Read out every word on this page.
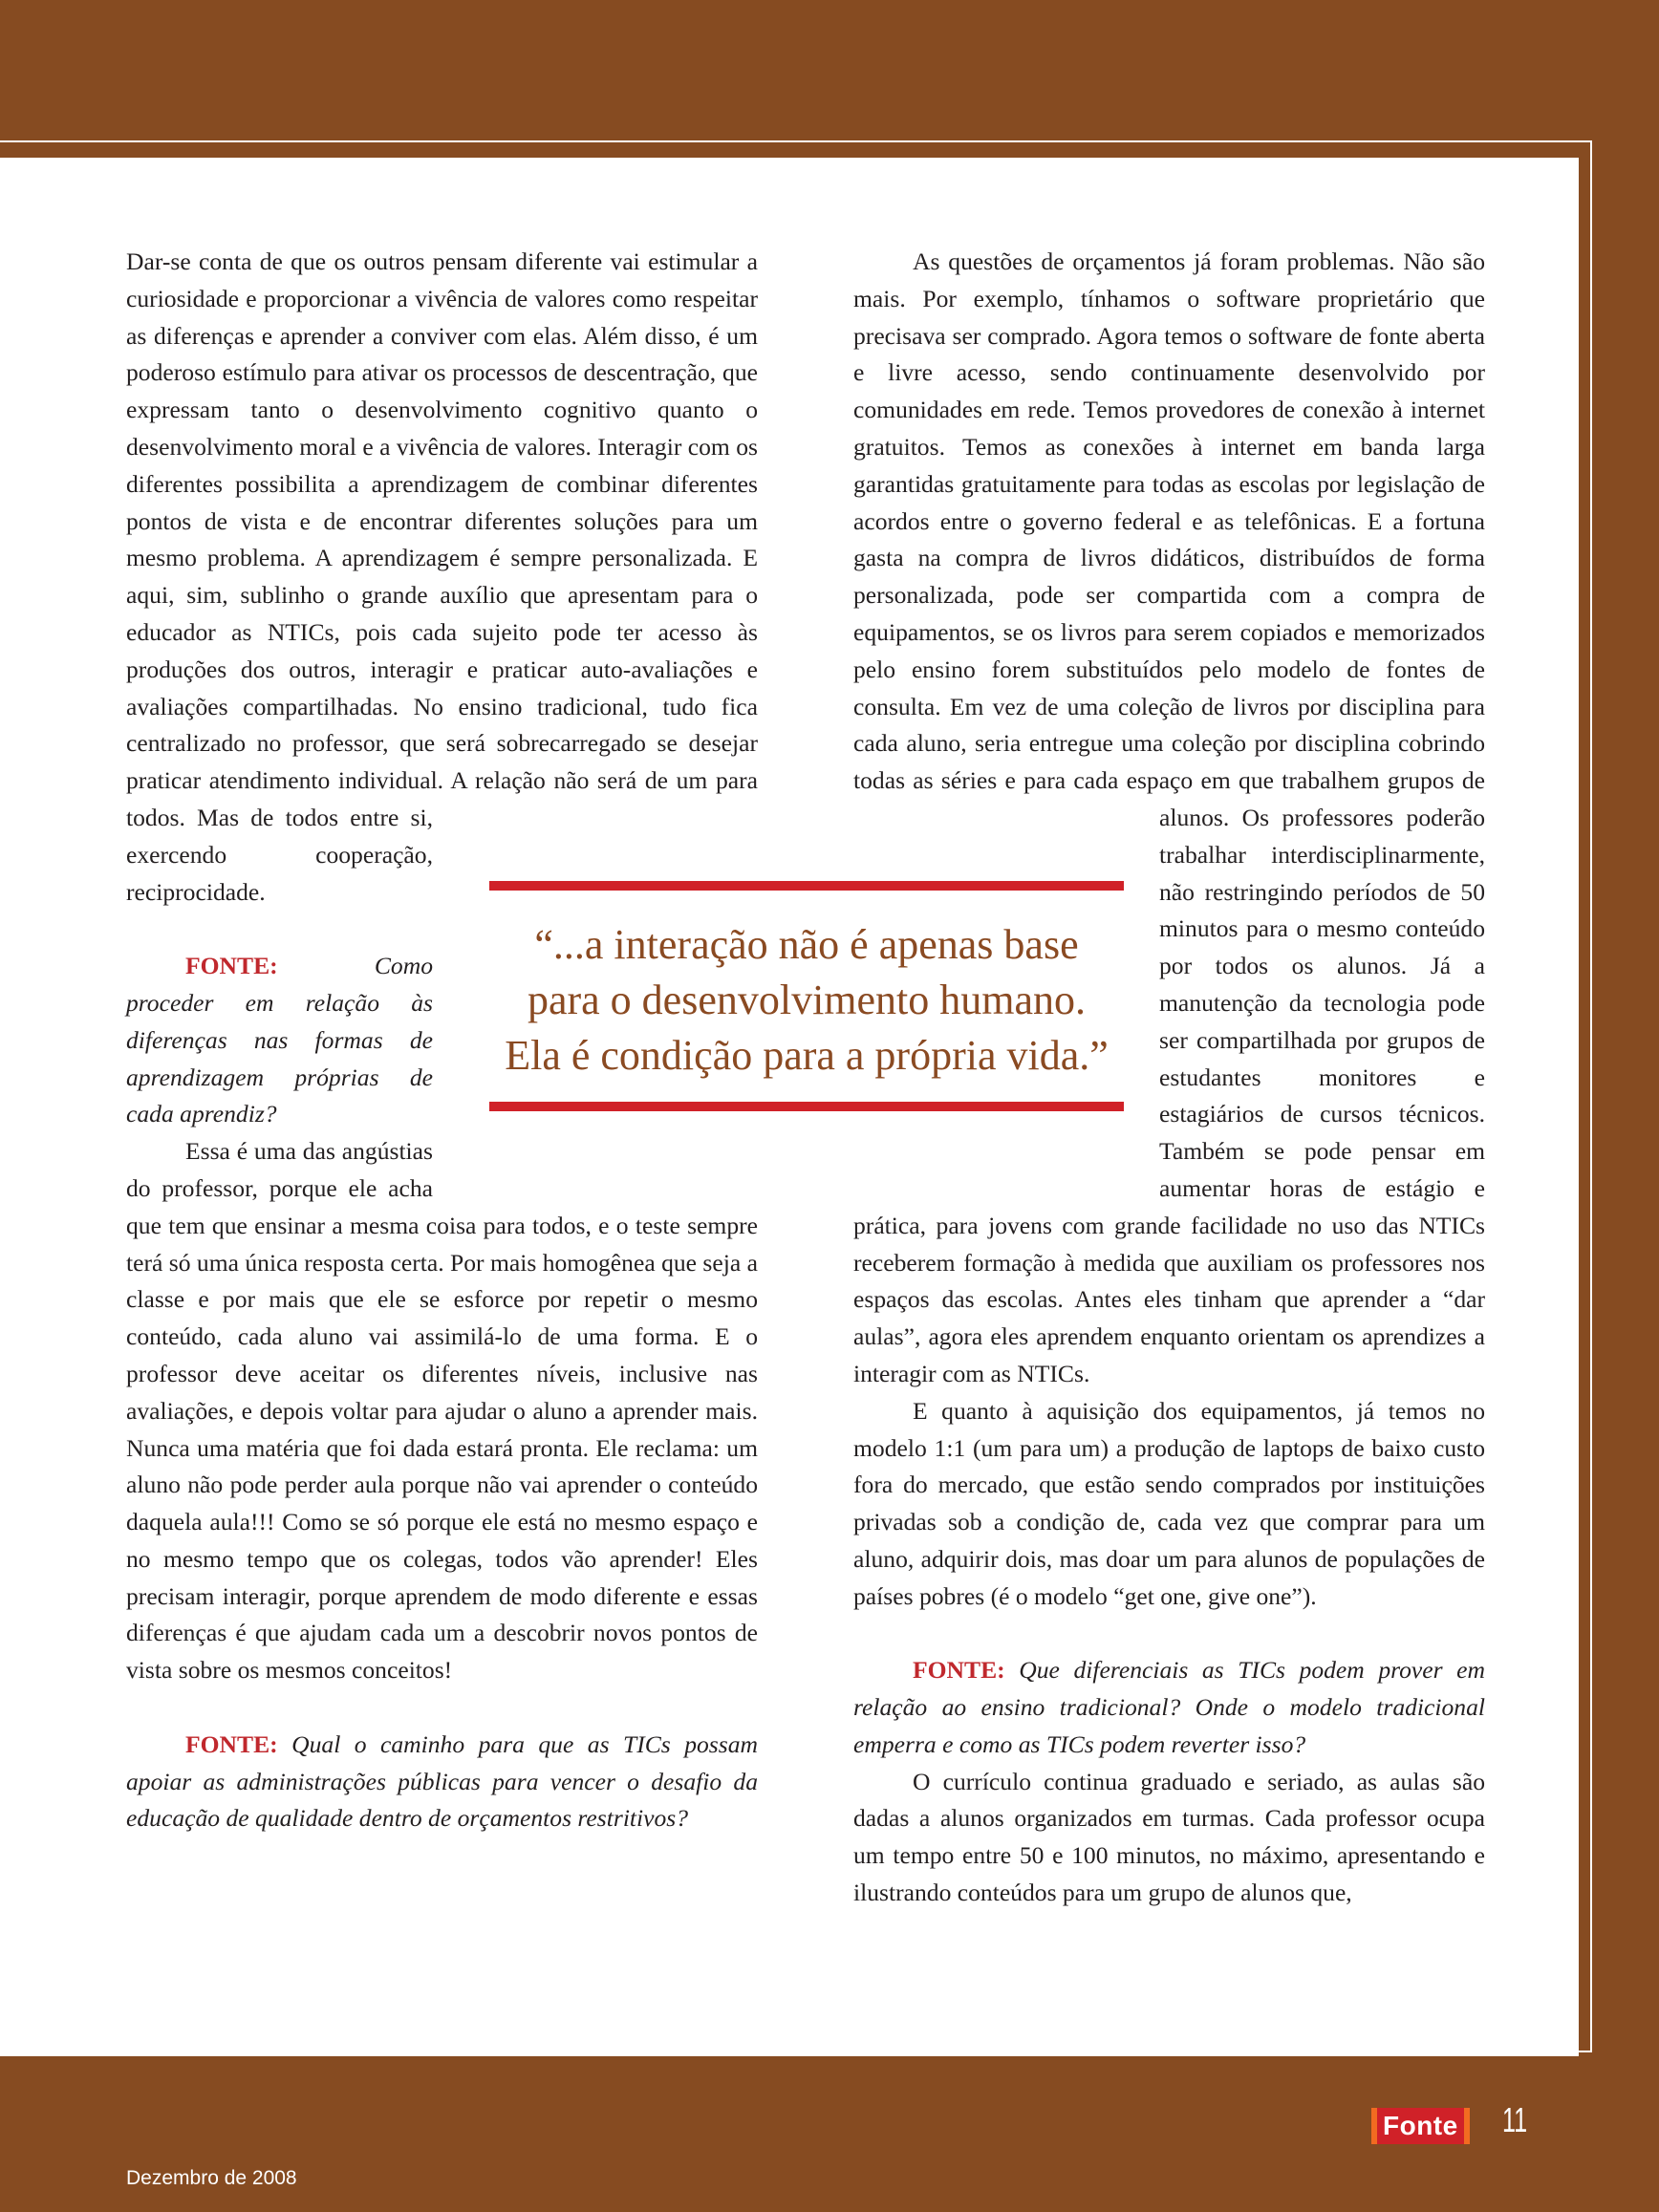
Dar-se conta de que os outros pensam diferente vai estimular a curiosidade e proporcionar a vivência de valores como respeitar as diferenças e aprender a conviver com elas. Além disso, é um poderoso estímulo para ativar os processos de descentração, que expressam tanto o desenvolvimento cognitivo quanto o desenvolvimento moral e a vivência de valores. Interagir com os diferentes possibilita a aprendizagem de combinar diferentes pontos de vista e de encontrar diferentes soluções para um mesmo problema. A aprendizagem é sempre personalizada. E aqui, sim, sublinho o grande auxílio que apresentam para o educador as NTICs, pois cada sujeito pode ter acesso às produções dos outros, interagir e praticar auto-avaliações e avaliações compartilhadas. No ensino tradicional, tudo fica centralizado no professor, que será sobrecarregado se desejar praticar atendimento individual. A relação não será de um para todos. Mas de todos entre si, exercendo cooperação, reciprocidade.

FONTE: Como proceder em relação às diferenças nas formas de aprendizagem próprias de cada aprendiz?

Essa é uma das angústias do professor, porque ele acha que tem que ensinar a mesma coisa para todos, e o teste sempre terá só uma única resposta certa. Por mais homogênea que seja a classe e por mais que ele se esforce por repetir o mesmo conteúdo, cada aluno vai assimilá-lo de uma forma. E o professor deve aceitar os diferentes níveis, inclusive nas avaliações, e depois voltar para ajudar o aluno a aprender mais. Nunca uma matéria que foi dada estará pronta. Ele reclama: um aluno não pode perder aula porque não vai aprender o conteúdo daquela aula!!! Como se só porque ele está no mesmo espaço e no mesmo tempo que os colegas, todos vão aprender! Eles precisam interagir, porque aprendem de modo diferente e essas diferenças é que ajudam cada um a descobrir novos pontos de vista sobre os mesmos conceitos!

FONTE: Qual o caminho para que as TICs possam apoiar as administrações públicas para vencer o desafio da educação de qualidade dentro de orçamentos restritivos?

As questões de orçamentos já foram problemas. Não são mais. Por exemplo, tínhamos o software proprietário que precisava ser comprado. Agora temos o software de fonte aberta e livre acesso, sendo continuamente desenvolvido por comunidades em rede. Temos provedores de conexão à internet gratuitos. Temos as conexões à internet em banda larga garantidas gratuitamente para todas as escolas por legislação de acordos entre o governo federal e as telefônicas. E a fortuna gasta na compra de livros didáticos, distribuídos de forma personalizada, pode ser compartida com a compra de equipamentos, se os livros para serem copiados e memorizados pelo ensino forem substituídos pelo modelo de fontes de consulta. Em vez de uma coleção de livros por disciplina para cada aluno, seria entregue uma coleção por disciplina cobrindo todas as séries e para cada espaço em que trabalhem grupos de alunos. Os professores poderão trabalhar interdisciplinarmente, não restringindo períodos de 50 minutos para o mesmo conteúdo por todos os alunos. Já a manutenção da tecnologia pode ser compartilhada por grupos de estudantes monitores e estagiários de cursos técnicos. Também se pode pensar em aumentar horas de estágio e prática, para jovens com grande facilidade no uso das NTICs receberem formação à medida que auxiliam os professores nos espaços das escolas. Antes eles tinham que aprender a “dar aulas”, agora eles aprendem enquanto orientam os aprendizes a interagir com as NTICs.

E quanto à aquisição dos equipamentos, já temos no modelo 1:1 (um para um) a produção de laptops de baixo custo fora do mercado, que estão sendo comprados por instituições privadas sob a condição de, cada vez que comprar para um aluno, adquirir dois, mas doar um para alunos de populações de países pobres (é o modelo “get one, give one”).

FONTE: Que diferenciais as TICs podem prover em relação ao ensino tradicional? Onde o modelo tradicional emperra e como as TICs podem reverter isso?

O currículo continua graduado e seriado, as aulas são dadas a alunos organizados em turmas. Cada professor ocupa um tempo entre 50 e 100 minutos, no máximo, apresentando e ilustrando conteúdos para um grupo de alunos que,

“...a interação não é apenas base
para o desenvolvimento humano.
Ela é condição para a própria vida.”
Dezembro de 2008
Fonte 11
